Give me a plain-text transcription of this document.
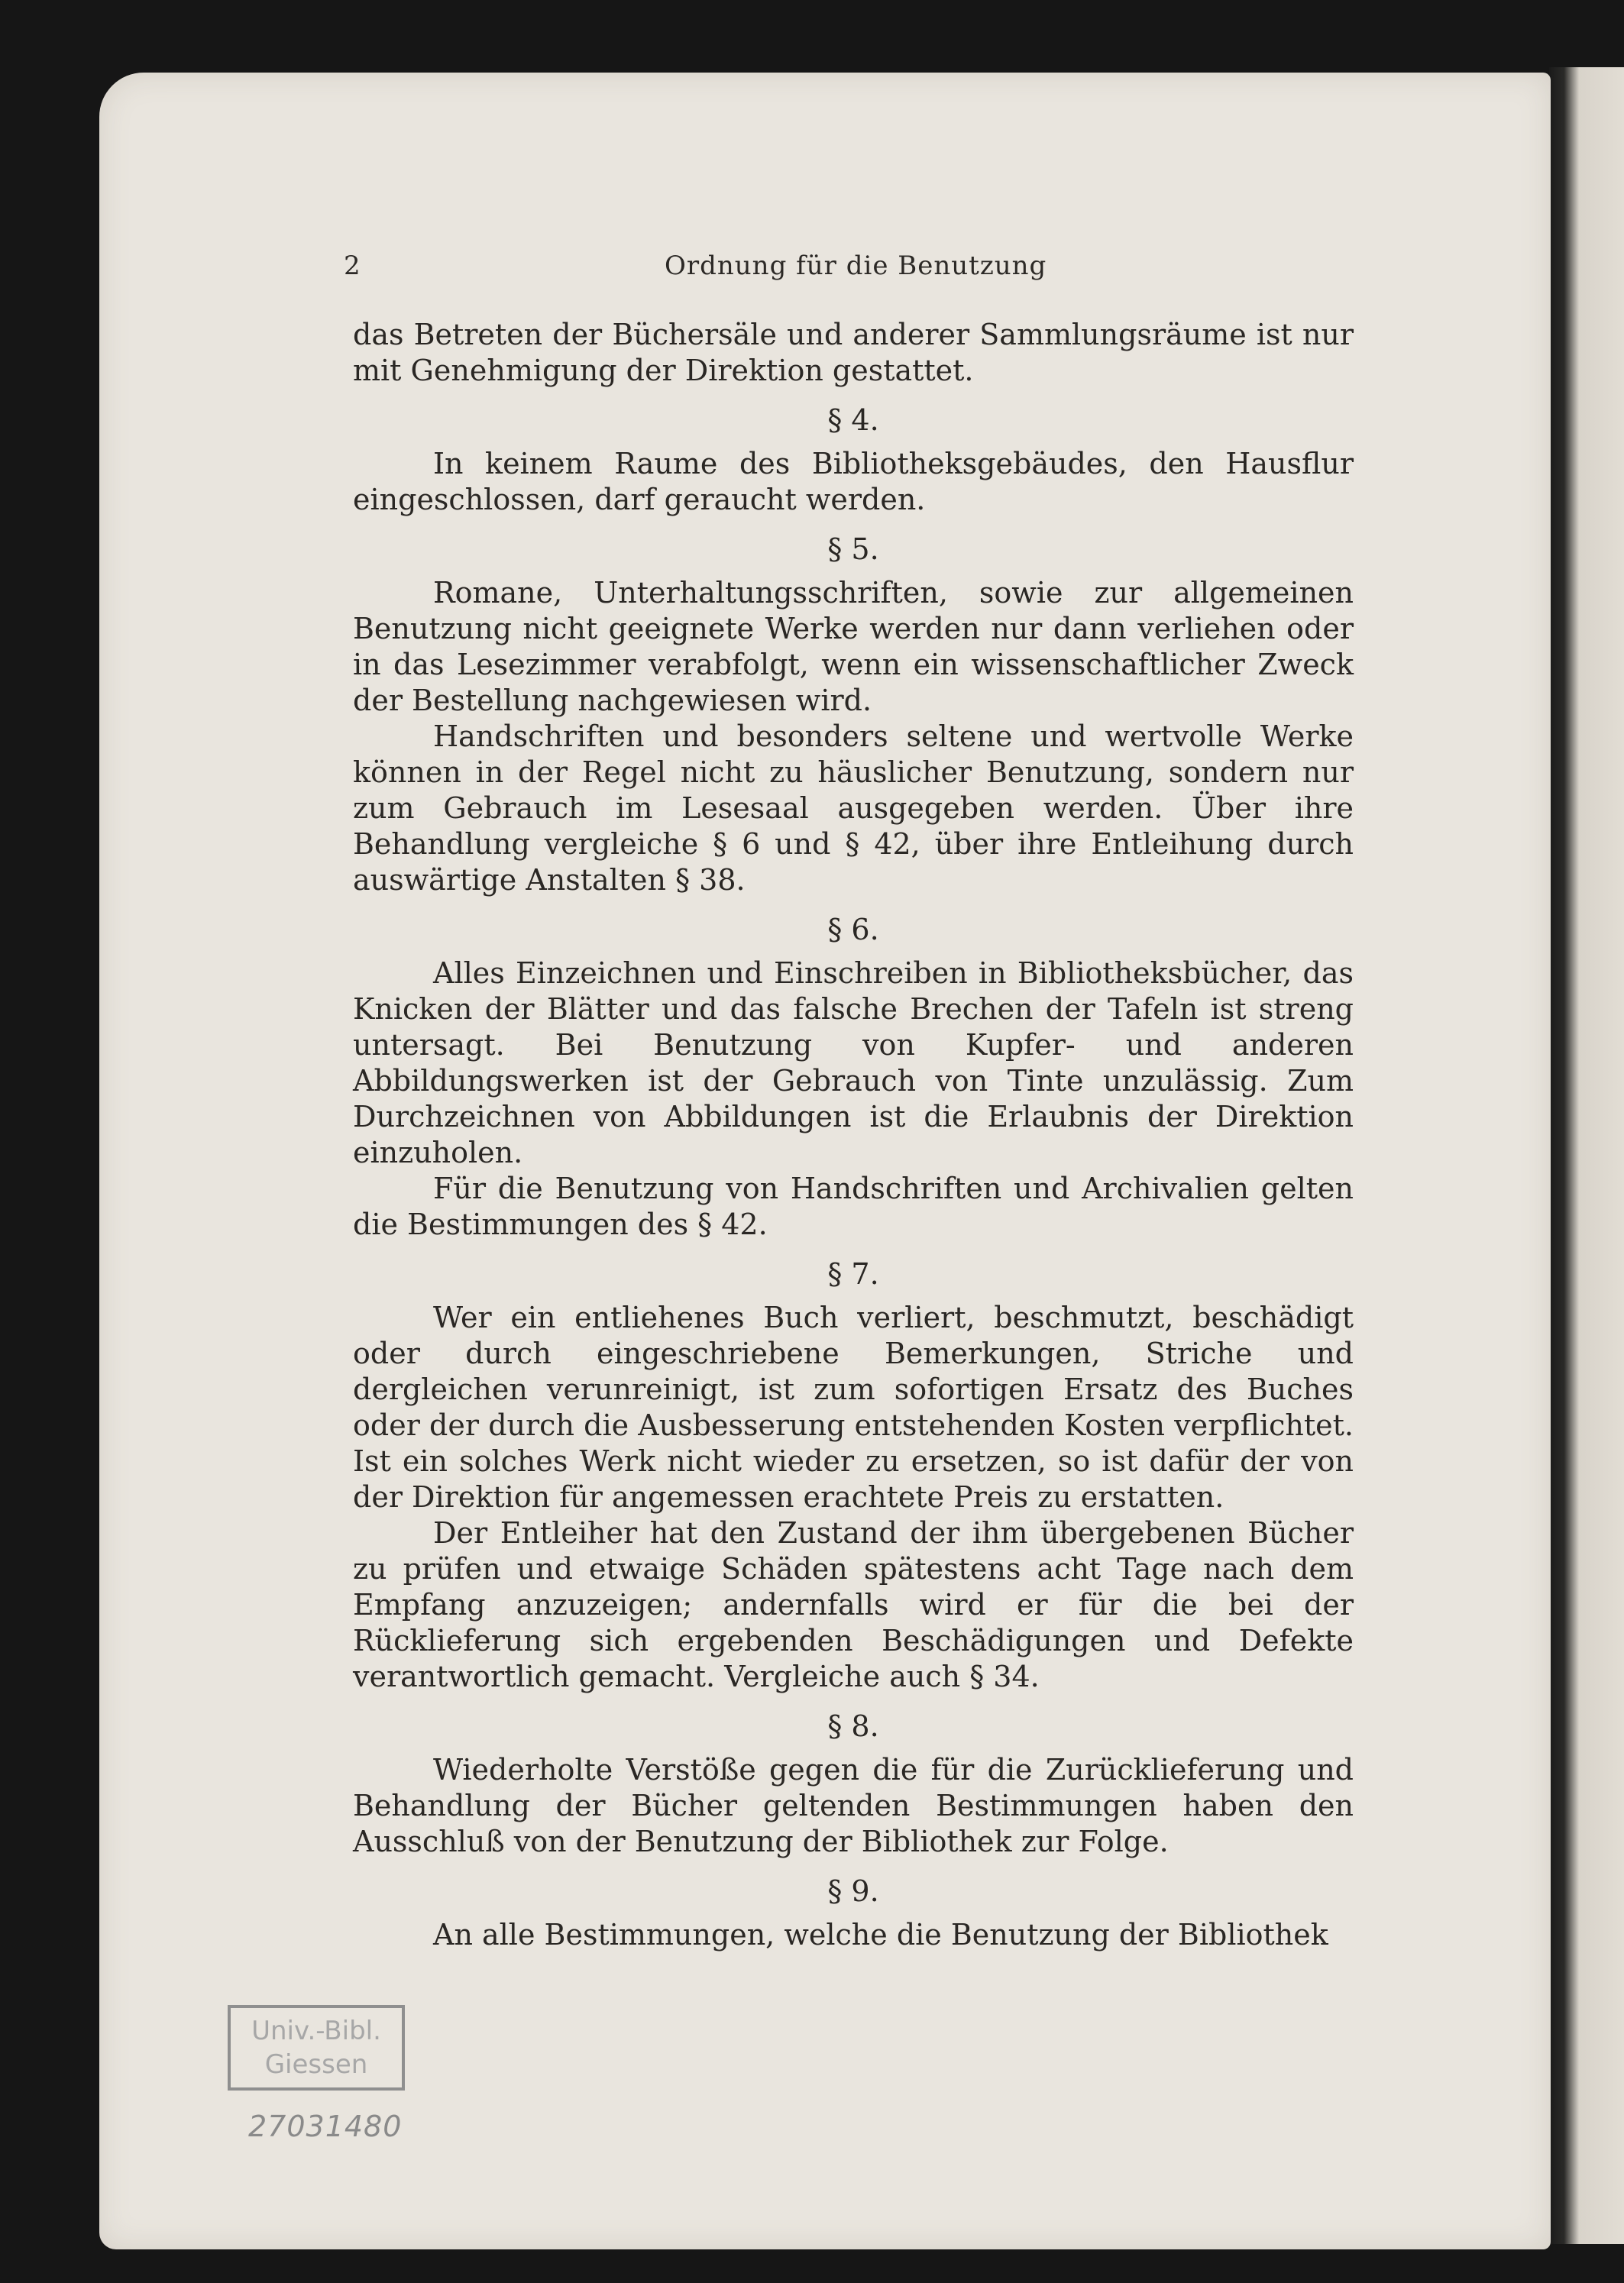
2	Ordnung für die Benutzung

das Betreten der Büchersäle und anderer Sammlungsräume ist nur mit Genehmigung der Direktion gestattet.

§ 4.

In keinem Raume des Bibliotheksgebäudes, den Hausflur eingeschlossen, darf geraucht werden.

§ 5.

Romane, Unterhaltungsschriften, sowie zur allgemeinen Benutzung nicht geeignete Werke werden nur dann verliehen oder in das Lesezimmer verabfolgt, wenn ein wissenschaftlicher Zweck der Bestellung nachgewiesen wird.

Handschriften und besonders seltene und wertvolle Werke können in der Regel nicht zu häuslicher Benutzung, sondern nur zum Gebrauch im Lesesaal ausgegeben werden. Über ihre Behandlung vergleiche § 6 und § 42, über ihre Entleihung durch auswärtige Anstalten § 38.

§ 6.

Alles Einzeichnen und Einschreiben in Bibliotheksbücher, das Knicken der Blätter und das falsche Brechen der Tafeln ist streng untersagt. Bei Benutzung von Kupfer- und anderen Abbildungswerken ist der Gebrauch von Tinte unzulässig. Zum Durchzeichnen von Abbildungen ist die Erlaubnis der Direktion einzuholen.

Für die Benutzung von Handschriften und Archivalien gelten die Bestimmungen des § 42.

§ 7.

Wer ein entliehenes Buch verliert, beschmutzt, beschädigt oder durch eingeschriebene Bemerkungen, Striche und dergleichen verunreinigt, ist zum sofortigen Ersatz des Buches oder der durch die Ausbesserung entstehenden Kosten verpflichtet. Ist ein solches Werk nicht wieder zu ersetzen, so ist dafür der von der Direktion für angemessen erachtete Preis zu erstatten.

Der Entleiher hat den Zustand der ihm übergebenen Bücher zu prüfen und etwaige Schäden spätestens acht Tage nach dem Empfang anzuzeigen; andernfalls wird er für die bei der Rücklieferung sich ergebenden Beschädigungen und Defekte verantwortlich gemacht. Vergleiche auch § 34.

§ 8.

Wiederholte Verstöße gegen die für die Zurücklieferung und Behandlung der Bücher geltenden Bestimmungen haben den Ausschluß von der Benutzung der Bibliothek zur Folge.

§ 9.

An alle Bestimmungen, welche die Benutzung der Bibliothek

Univ.-Bibl.
Giessen
27031480
